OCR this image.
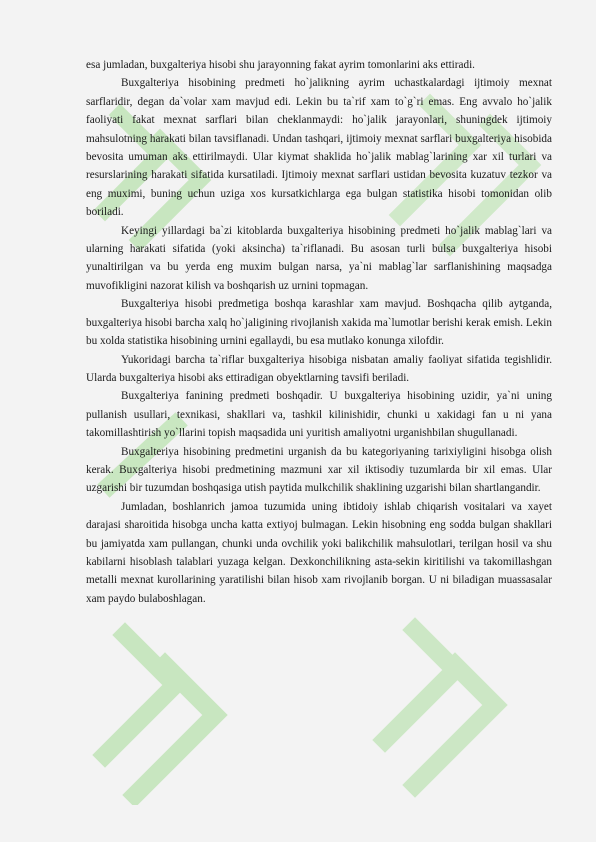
esa jumladan, buxgalteriya hisobi shu jarayonning fakat ayrim tomonlarini aks ettiradi.

Buxgalteriya hisobining predmeti ho`jalikning ayrim uchastkalardagi ijtimoiy mexnat sarflaridir, degan da`volar xam mavjud edi. Lekin bu ta`rif xam to`g`ri emas. Eng avvalo ho`jalik faoliyati fakat mexnat sarflari bilan cheklanmaydi: ho`jalik jarayonlari, shuningdek ijtimoiy mahsulotning harakati bilan tavsiflanadi. Undan tashqari, ijtimoiy mexnat sarflari buxgalteriya hisobida bevosita umuman aks ettirilmaydi. Ular kiymat shaklida ho`jalik mablag`larining xar xil turlari va resurslarining harakati sifatida kursatiladi. Ijtimoiy mexnat sarflari ustidan bevosita kuzatuv tezkor va eng muximi, buning uchun uziga xos kursatkichlarga ega bulgan statistika hisobi tomonidan olib boriladi.

Keyingi yillardagi ba`zi kitoblarda buxgalteriya hisobining predmeti ho`jalik mablag`lari va ularning harakati sifatida (yoki aksincha) ta`riflanadi. Bu asosan turli bulsa buxgalteriya hisobi yunaltirilgan va bu yerda eng muxim bulgan narsa, ya`ni mablag`lar sarflanishining maqsadga muvofikligini nazorat kilish va boshqarish uz urnini topmagan.

Buxgalteriya hisobi predmetiga boshqa karashlar xam mavjud. Boshqacha qilib aytganda, buxgalteriya hisobi barcha xalq ho`jaligining rivojlanish xakida ma`lumotlar berishi kerak emish. Lekin bu xolda statistika hisobining urnini egallaydi, bu esa mutlako konunga xilofdir.

Yukoridagi barcha ta`riflar buxgalteriya hisobiga nisbatan amaliy faoliyat sifatida tegishlidir. Ularda buxgalteriya hisobi aks ettiradigan obyektlarning tavsifi beriladi.

Buxgalteriya fanining predmeti boshqadir. U buxgalteriya hisobining uzidir, ya`ni uning pullanish usullari, texnikasi, shakllari va, tashkil kilinishidir, chunki u xakidagi fan u ni yana takomillashtirish yo`llarini topish maqsadida uni yuritish amaliyotni urganishbilan shugullanadi.

Buxgalteriya hisobining predmetini urganish da bu kategoriyaning tarixiyligini hisobga olish kerak. Buxgalteriya hisobi predmetining mazmuni xar xil iktisodiy tuzumlarda bir xil emas. Ular uzgarishi bir tuzumdan boshqasiga utish paytida mulkchilik shaklining uzgarishi bilan shartlangandir.

Jumladan, boshlanrich jamoa tuzumida uning ibtidoiy ishlab chiqarish vositalari va xayet darajasi sharoitida hisobga uncha katta extiyoj bulmagan. Lekin hisobning eng sodda bulgan shakllari bu jamiyatda xam pullangan, chunki unda ovchilik yoki balikchilik mahsulotlari, terilgan hosil va shu kabilarni hisoblash talablari yuzaga kelgan. Dexkonchilikning asta-sekin kiritilishi va takomillashgan metalli mexnat kurollarining yaratilishi bilan hisob xam rivojlanib borgan. U ni biladigan muassasalar xam paydo bulaboshlagan.
